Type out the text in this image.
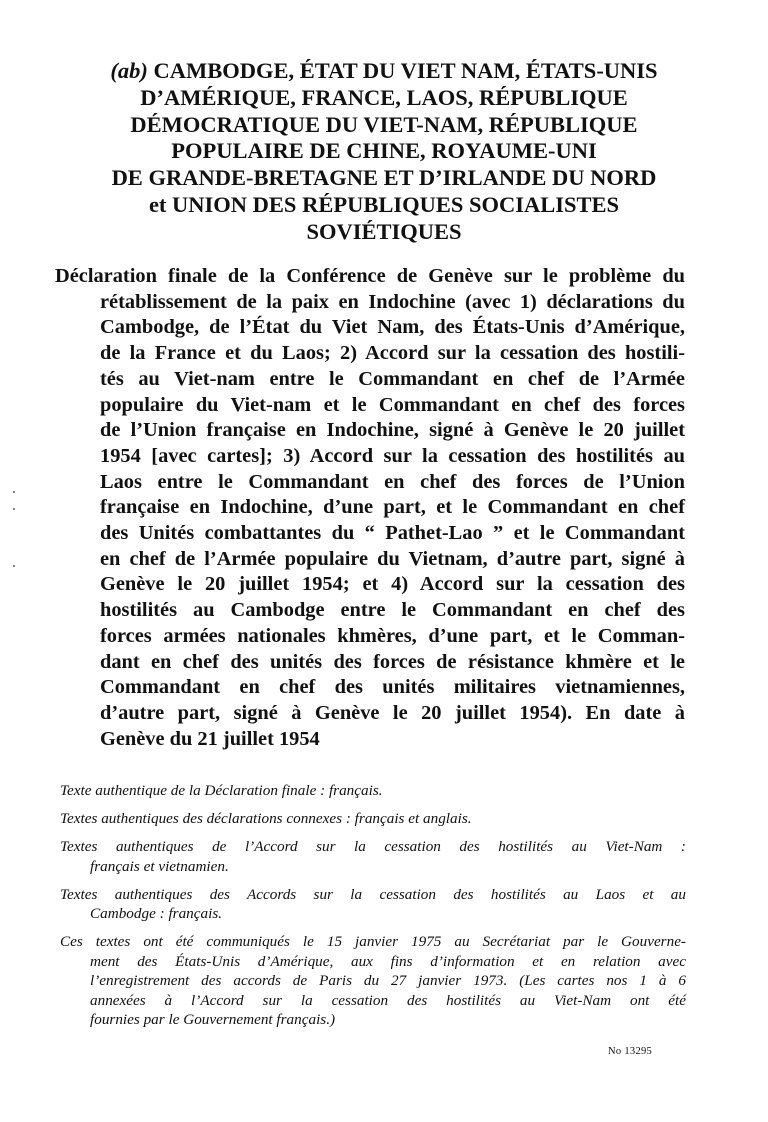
(ab) CAMBODGE, ÉTAT DU VIET NAM, ÉTATS-UNIS
D’AMÉRIQUE, FRANCE, LAOS, RÉPUBLIQUE
DÉMOCRATIQUE DU VIET-NAM, RÉPUBLIQUE
POPULAIRE DE CHINE, ROYAUME-UNI
DE GRANDE-BRETAGNE ET D’IRLANDE DU NORD
et UNION DES RÉPUBLIQUES SOCIALISTES
SOVIÉTIQUES
Déclaration finale de la Conférence de Genève sur le problème du
rétablissement de la paix en Indochine (avec 1) déclarations du
Cambodge, de l’État du Viet Nam, des États-Unis d’Amérique,
de la France et du Laos; 2) Accord sur la cessation des hostili-
tés au Viet-nam entre le Commandant en chef de l’Armée
populaire du Viet-nam et le Commandant en chef des forces
de l’Union française en Indochine, signé à Genève le 20 juillet
1954 [avec cartes]; 3) Accord sur la cessation des hostilités au
Laos entre le Commandant en chef des forces de l’Union
française en Indochine, d’une part, et le Commandant en chef
des Unités combattantes du “ Pathet-Lao ” et le Commandant
en chef de l’Armée populaire du Vietnam, d’autre part, signé à
Genève le 20 juillet 1954; et 4) Accord sur la cessation des
hostilités au Cambodge entre le Commandant en chef des
forces armées nationales khmères, d’une part, et le Comman-
dant en chef des unités des forces de résistance khmère et le
Commandant en chef des unités militaires vietnamiennes,
d’autre part, signé à Genève le 20 juillet 1954). En date à
Genève du 21 juillet 1954

Texte authentique de la Déclaration finale : français.

Textes authentiques des déclarations connexes : français et anglais.

Textes authentiques de l’Accord sur la cessation des hostilités au Viet-Nam :
français et vietnamien.

Textes authentiques des Accords sur la cessation des hostilités au Laos et au
Cambodge : français.

Ces textes ont été communiqués le 15 janvier 1975 au Secrétariat par le Gouverne-
ment des États-Unis d’Amérique, aux fins d’information et en relation avec
l’enregistrement des accords de Paris du 27 janvier 1973. (Les cartes nos 1 à 6
annexées à l’Accord sur la cessation des hostilités au Viet-Nam ont été
fournies par le Gouvernement français.)

No 13295
